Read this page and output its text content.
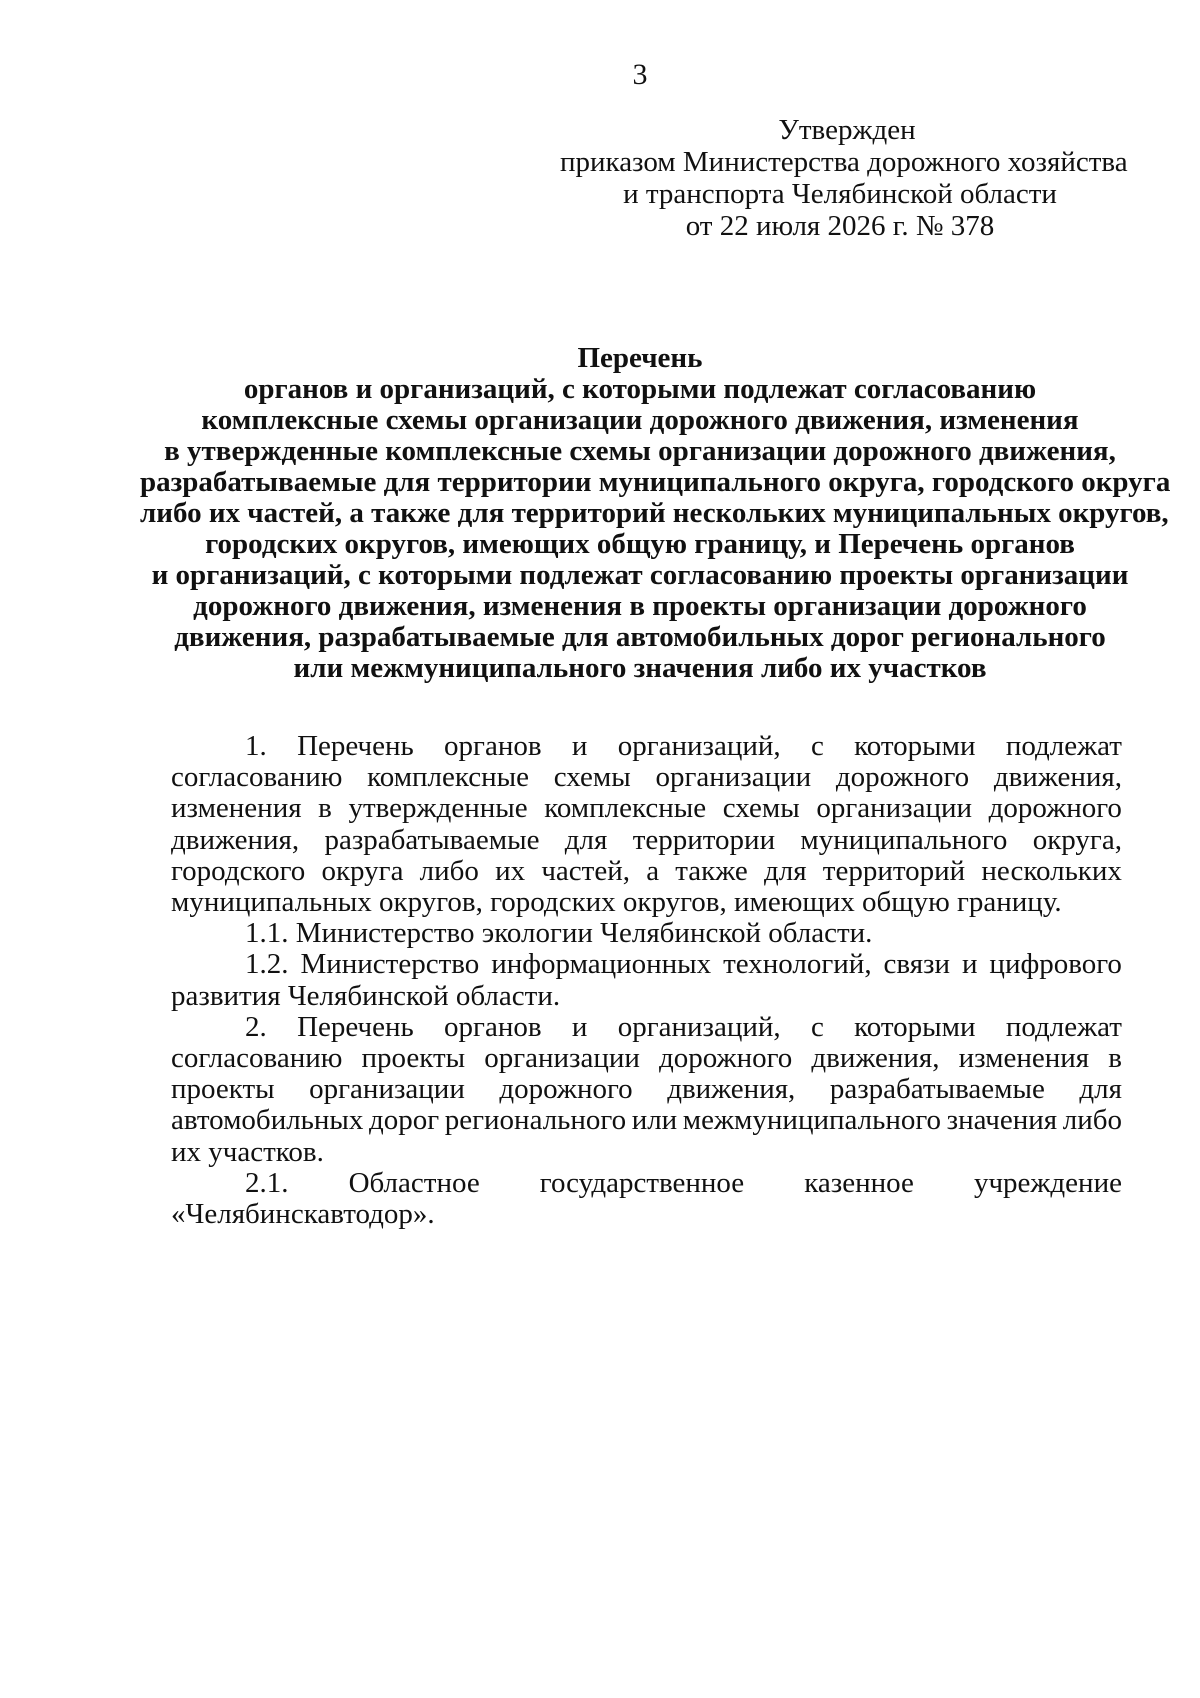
3
Утвержден
приказом Министерства дорожного хозяйства
и транспорта Челябинской области
от 22 июля 2026 г. № 378
Перечень
органов и организаций, с которыми подлежат согласованию
комплексные схемы организации дорожного движения, изменения
в утвержденные комплексные схемы организации дорожного движения,
разрабатываемые для территории муниципального округа, городского округа
либо их частей, а также для территорий нескольких муниципальных округов,
городских округов, имеющих общую границу, и Перечень органов
и организаций, с которыми подлежат согласованию проекты организации
дорожного движения, изменения в проекты организации дорожного
движения, разрабатываемые для автомобильных дорог регионального
или межмуниципального значения либо их участков
1. Перечень органов и организаций, с которыми подлежат
согласованию комплексные схемы организации дорожного движения,
изменения в утвержденные комплексные схемы организации дорожного
движения, разрабатываемые для территории муниципального округа,
городского округа либо их частей, а также для территорий нескольких
муниципальных округов, городских округов, имеющих общую границу.
1.1. Министерство экологии Челябинской области.
1.2. Министерство информационных технологий, связи и цифрового
развития Челябинской области.
2. Перечень органов и организаций, с которыми подлежат
согласованию проекты организации дорожного движения, изменения в
проекты организации дорожного движения, разрабатываемые для
автомобильных дорог регионального или межмуниципального значения либо
их участков.
2.1. Областное государственное казенное учреждение
«Челябинскавтодор».
